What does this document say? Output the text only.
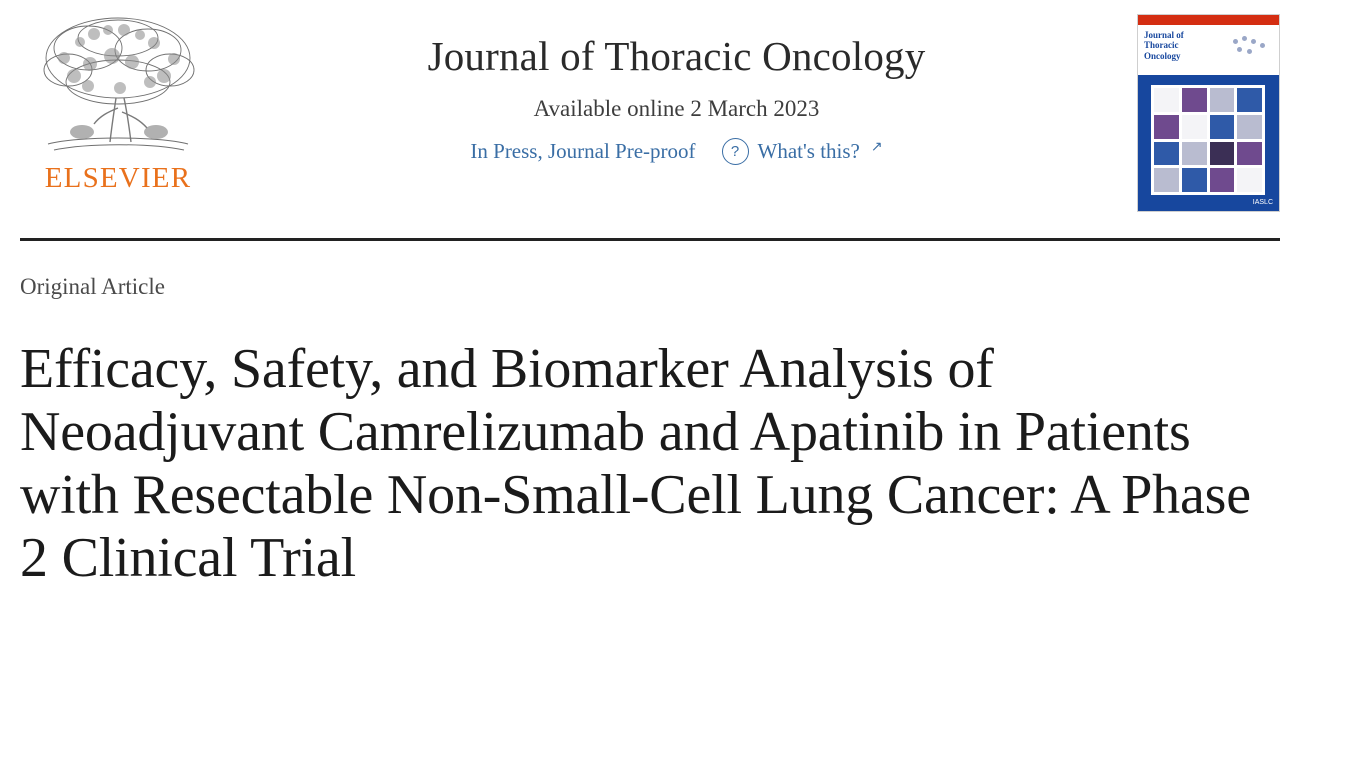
ELSEVIER
Journal of Thoracic Oncology
Available online 2 March 2023
In Press, Journal Pre-proof	? What's this? ↗
Journal of
Thoracic
Oncology
IASLC
Original Article
Efficacy, Safety, and Biomarker Analysis of Neoadjuvant Camrelizumab and Apatinib in Patients with Resectable Non-Small-Cell Lung Cancer: A Phase 2 Clinical Trial
